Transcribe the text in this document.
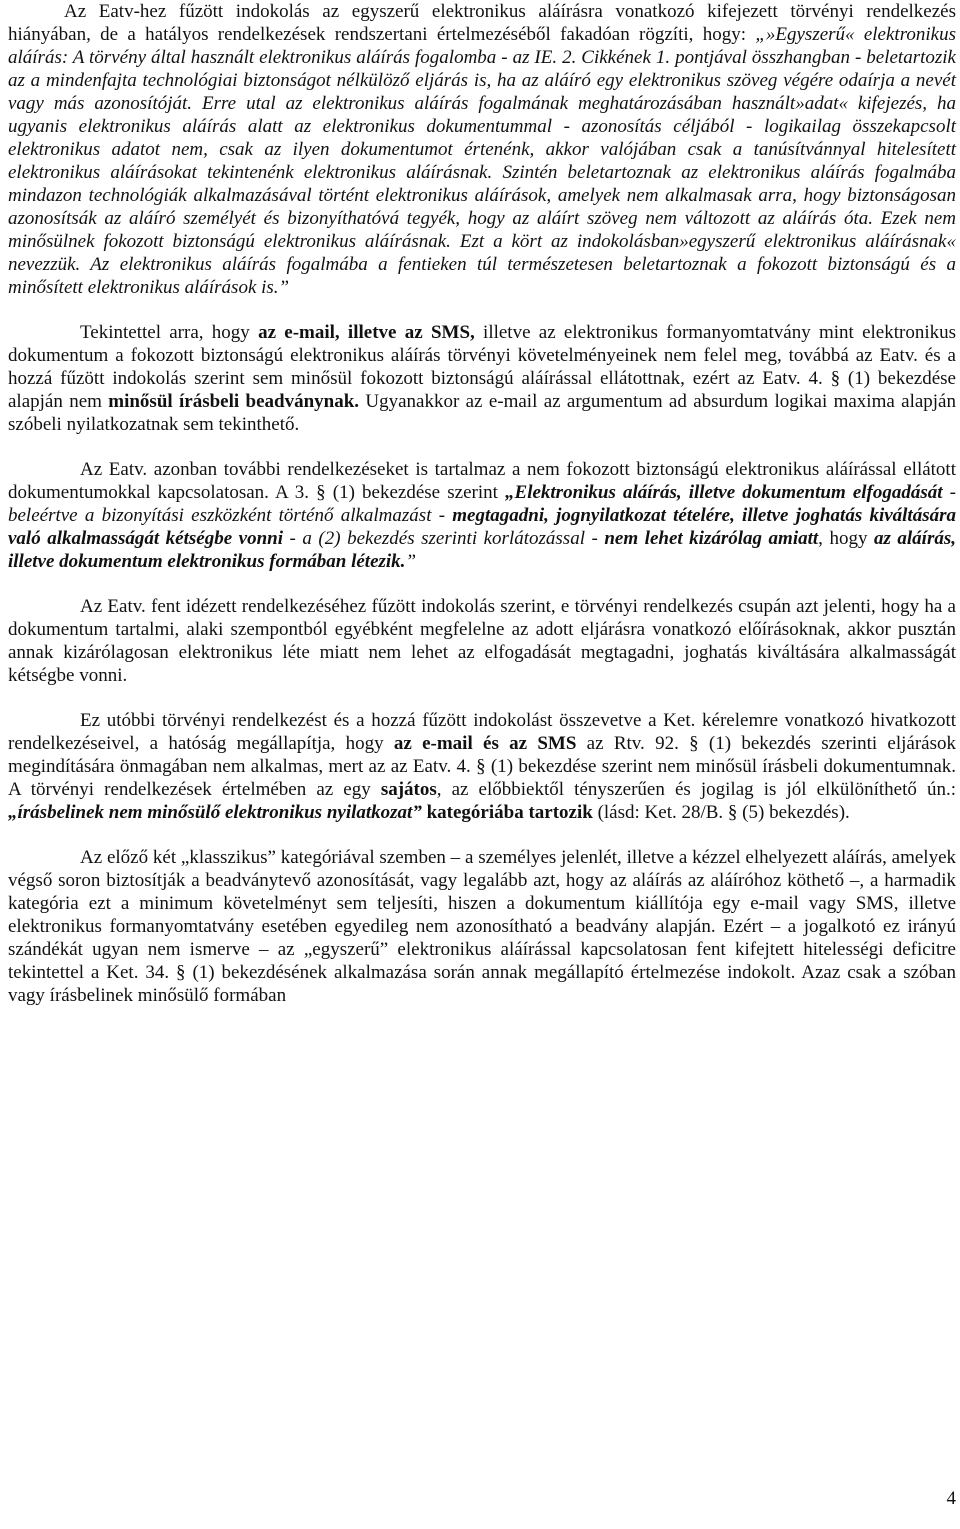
Az Eatv-hez fűzött indokolás az egyszerű elektronikus aláírásra vonatkozó kifejezett törvényi rendelkezés hiányában, de a hatályos rendelkezések rendszertani értelmezéséből fakadóan rögzíti, hogy: „»Egyszerű« elektronikus aláírás: A törvény által használt elektronikus aláírás fogalomba - az IE. 2. Cikkének 1. pontjával összhangban - beletartozik az a mindenfajta technológiai biztonságot nélkülöző eljárás is, ha az aláíró egy elektronikus szöveg végére odaírja a nevét vagy más azonosítóját. Erre utal az elektronikus aláírás fogalmának meghatározásában használt»adat« kifejezés, ha ugyanis elektronikus aláírás alatt az elektronikus dokumentummal - azonosítás céljából - logikailag összekapcsolt elektronikus adatot nem, csak az ilyen dokumentumot értenénk, akkor valójában csak a tanúsítvánnyal hitelesített elektronikus aláírásokat tekintenénk elektronikus aláírásnak. Szintén beletartoznak az elektronikus aláírás fogalmába mindazon technológiák alkalmazásával történt elektronikus aláírások, amelyek nem alkalmasak arra, hogy biztonságosan azonosítsák az aláíró személyét és bizonyíthatóvá tegyék, hogy az aláírt szöveg nem változott az aláírás óta. Ezek nem minősülnek fokozott biztonságú elektronikus aláírásnak. Ezt a kört az indokolásban»egyszerű elektronikus aláírásnak« nevezzük. Az elektronikus aláírás fogalmába a fentieken túl természetesen beletartoznak a fokozott biztonságú és a minősített elektronikus aláírások is.”

Tekintettel arra, hogy az e-mail, illetve az SMS, illetve az elektronikus formanyomtatvány mint elektronikus dokumentum a fokozott biztonságú elektronikus aláírás törvényi követelményeinek nem felel meg, továbbá az Eatv. és a hozzá fűzött indokolás szerint sem minősül fokozott biztonságú aláírással ellátottnak, ezért az Eatv. 4. § (1) bekezdése alapján nem minősül írásbeli beadványnak. Ugyanakkor az e-mail az argumentum ad absurdum logikai maxima alapján szóbeli nyilatkozatnak sem tekinthető.

Az Eatv. azonban további rendelkezéseket is tartalmaz a nem fokozott biztonságú elektronikus aláírással ellátott dokumentumokkal kapcsolatosan. A 3. § (1) bekezdése szerint „Elektronikus aláírás, illetve dokumentum elfogadását - beleértve a bizonyítási eszközként történő alkalmazást - megtagadni, jognyilatkozat tételére, illetve joghatás kiváltására való alkalmasságát kétségbe vonni - a (2) bekezdés szerinti korlátozással - nem lehet kizárólag amiatt, hogy az aláírás, illetve dokumentum elektronikus formában létezik.”

Az Eatv. fent idézett rendelkezéséhez fűzött indokolás szerint, e törvényi rendelkezés csupán azt jelenti, hogy ha a dokumentum tartalmi, alaki szempontból egyébként megfelelne az adott eljárásra vonatkozó előírásoknak, akkor pusztán annak kizárólagosan elektronikus léte miatt nem lehet az elfogadását megtagadni, joghatás kiváltására alkalmasságát kétségbe vonni.

Ez utóbbi törvényi rendelkezést és a hozzá fűzött indokolást összevetve a Ket. kérelemre vonatkozó hivatkozott rendelkezéseivel, a hatóság megállapítja, hogy az e-mail és az SMS az Rtv. 92. § (1) bekezdés szerinti eljárások megindítására önmagában nem alkalmas, mert az az Eatv. 4. § (1) bekezdése szerint nem minősül írásbeli dokumentumnak. A törvényi rendelkezések értelmében az egy sajátos, az előbbiektől tényszerűen és jogilag is jól elkülöníthető ún.: „írásbelinek nem minősülő elektronikus nyilatkozat” kategóriába tartozik (lásd: Ket. 28/B. § (5) bekezdés).

Az előző két „klasszikus” kategóriával szemben – a személyes jelenlét, illetve a kézzel elhelyezett aláírás, amelyek végső soron biztosítják a beadványtevő azonosítását, vagy legalább azt, hogy az aláírás az aláíróhoz köthető –, a harmadik kategória ezt a minimum követelményt sem teljesíti, hiszen a dokumentum kiállítója egy e-mail vagy SMS, illetve elektronikus formanyomtatvány esetében egyedileg nem azonosítható a beadvány alapján. Ezért – a jogalkotó ez irányú szándékát ugyan nem ismerve – az „egyszerű” elektronikus aláírással kapcsolatosan fent kifejtett hitelességi deficitre tekintettel a Ket. 34. § (1) bekezdésének alkalmazása során annak megállapító értelmezése indokolt. Azaz csak a szóban vagy írásbelinek minősülő formában

4
